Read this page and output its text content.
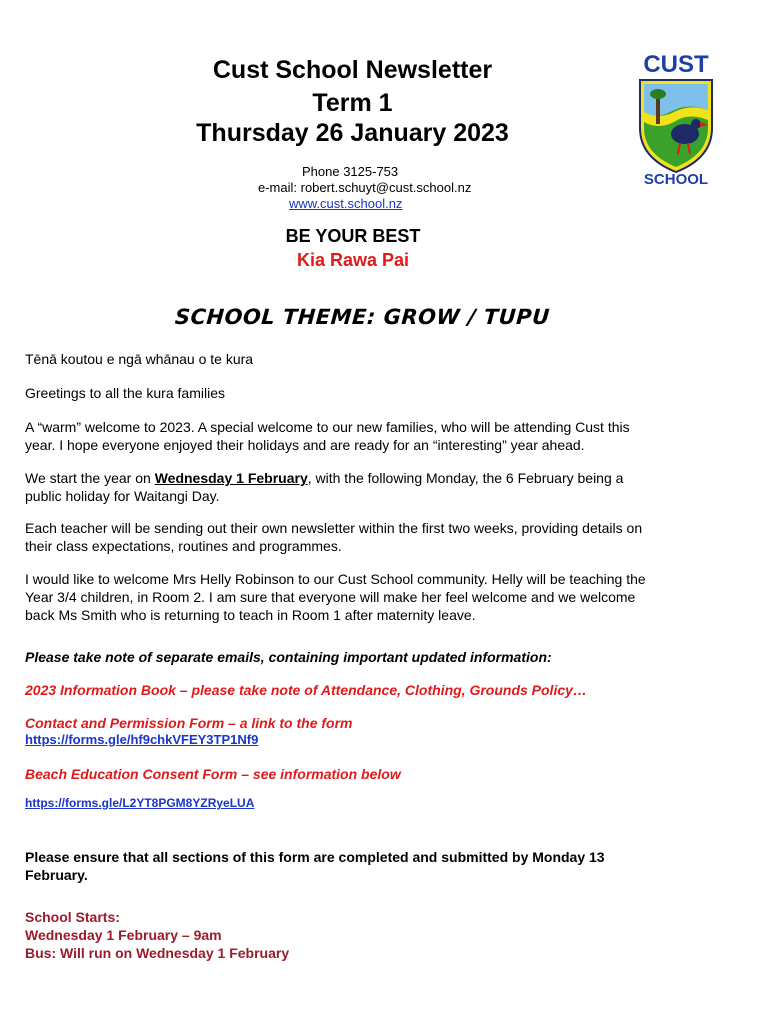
Cust School Newsletter
Term 1
Thursday 26 January 2023
Phone 3125-753
e-mail: robert.schuyt@cust.school.nz
www.cust.school.nz
CUST
SCHOOL
BE YOUR BEST
Kia Rawa Pai
SCHOOL THEME: GROW / TUPU

Tēnā koutou e ngā whānau o te kura

Greetings to all the kura families

A “warm” welcome to 2023. A special welcome to our new families, who will be attending Cust this
year. I hope everyone enjoyed their holidays and are ready for an “interesting” year ahead.
We start the year on Wednesday 1 February, with the following Monday, the 6 February being a
public holiday for Waitangi Day.
Each teacher will be sending out their own newsletter within the first two weeks, providing details on
their class expectations, routines and programmes.
I would like to welcome Mrs Helly Robinson to our Cust School community. Helly will be teaching the
Year 3/4 children, in Room 2. I am sure that everyone will make her feel welcome and we welcome
back Ms Smith who is returning to teach in Room 1 after maternity leave.

Please take note of separate emails, containing important updated information:

2023 Information Book – please take note of Attendance, Clothing, Grounds Policy…

Contact and Permission Form – a link to the form

https://forms.gle/hf9chkVFEY3TP1Nf9

Beach Education Consent Form – see information below

https://forms.gle/L2YT8PGM8YZRyeLUA
Please ensure that all sections of this form are completed and submitted by Monday 13
February.
School Starts:
Wednesday 1 February – 9am
Bus: Will run on Wednesday 1 February
